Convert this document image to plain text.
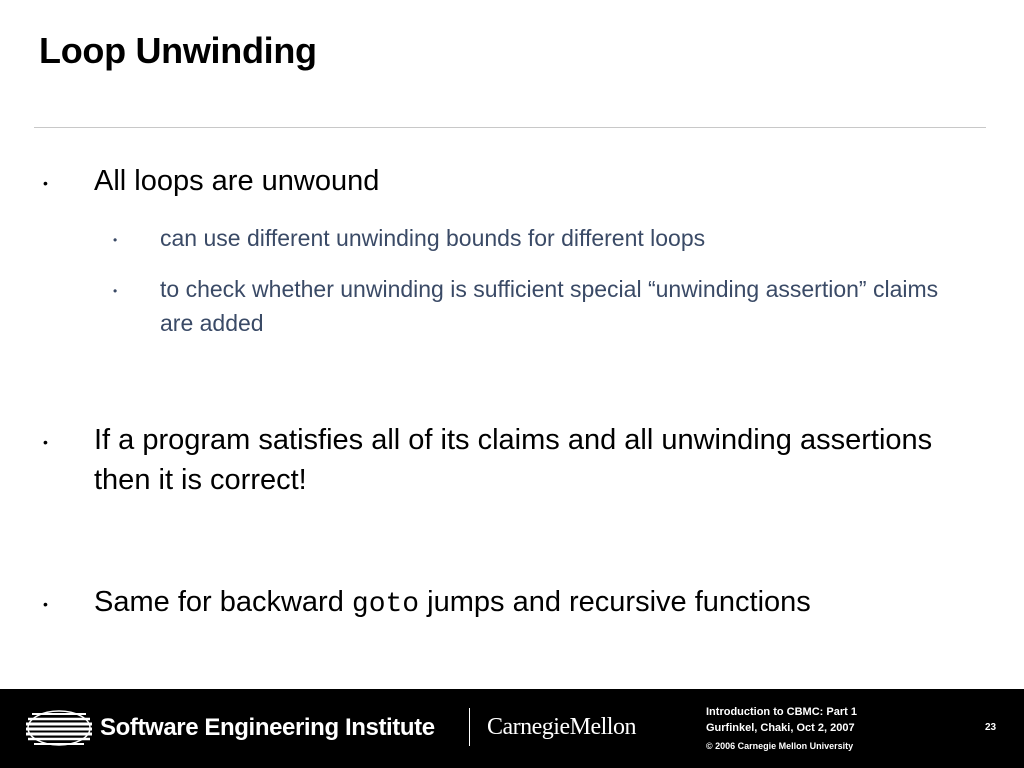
Loop Unwinding
• All loops are unwound
• can use different unwinding bounds for different loops
• to check whether unwinding is sufficient special “unwinding assertion” claims are added
• If a program satisfies all of its claims and all unwinding assertions then it is correct!
• Same for backward goto jumps and recursive functions
Software Engineering Institute CarnegieMellon
Introduction to CBMC: Part 1
Gurfinkel, Chaki, Oct 2, 2007
© 2006 Carnegie Mellon University
23
